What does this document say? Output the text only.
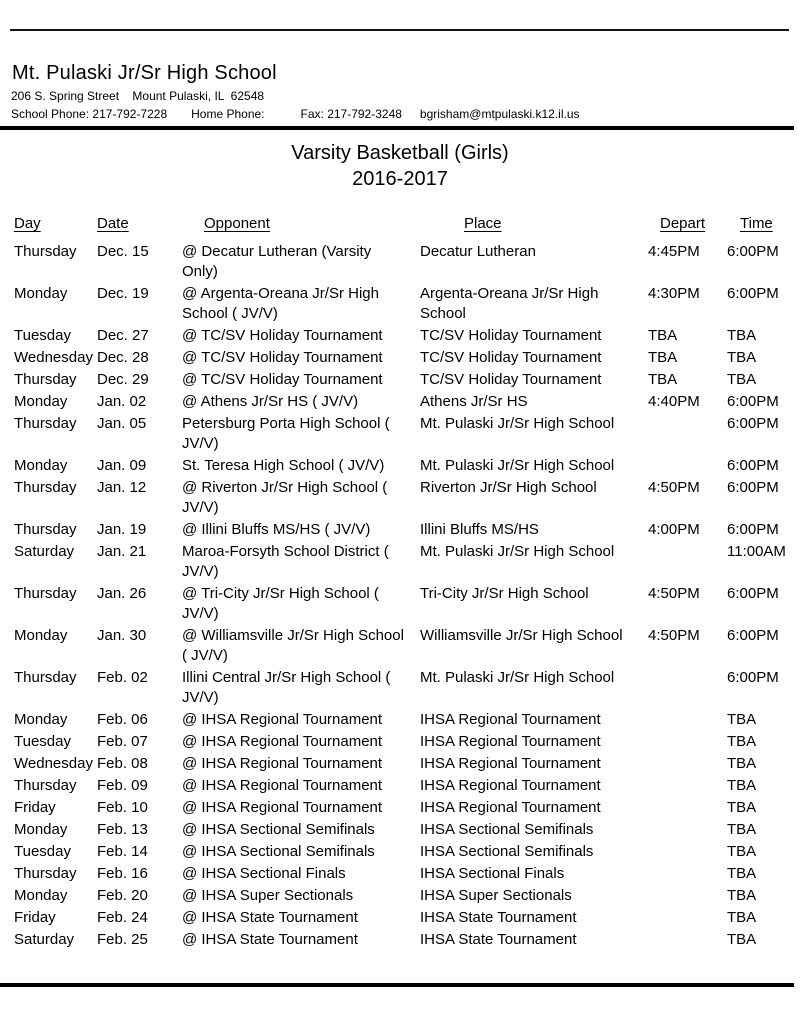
Mt. Pulaski Jr/Sr High School
206 S. Spring Street    Mount Pulaski, IL  62548
School Phone: 217-792-7228 Home Phone:	Fax: 217-792-3248 bgrisham@mtpulaski.k12.il.us
Varsity Basketball (Girls)
2016-2017
Day	Date	Opponent	Place	Depart	Time
Thursday	Dec. 15	@ Decatur Lutheran (Varsity Only)	Decatur Lutheran	4:45PM	6:00PM
Monday	Dec. 19	@ Argenta-Oreana Jr/Sr High School ( JV/V)	Argenta-Oreana Jr/Sr High School	4:30PM	6:00PM
Tuesday	Dec. 27	@ TC/SV Holiday Tournament	TC/SV Holiday Tournament	TBA	TBA
Wednesday	Dec. 28	@ TC/SV Holiday Tournament	TC/SV Holiday Tournament	TBA	TBA
Thursday	Dec. 29	@ TC/SV Holiday Tournament	TC/SV Holiday Tournament	TBA	TBA
Monday	Jan. 02	@ Athens Jr/Sr HS ( JV/V)	Athens Jr/Sr HS	4:40PM	6:00PM
Thursday	Jan. 05	Petersburg Porta High School ( JV/V)	Mt. Pulaski Jr/Sr High School		6:00PM
Monday	Jan. 09	St. Teresa High School ( JV/V)	Mt. Pulaski Jr/Sr High School		6:00PM
Thursday	Jan. 12	@ Riverton Jr/Sr High School ( JV/V)	Riverton Jr/Sr High School	4:50PM	6:00PM
Thursday	Jan. 19	@ Illini Bluffs MS/HS ( JV/V)	Illini Bluffs MS/HS	4:00PM	6:00PM
Saturday	Jan. 21	Maroa-Forsyth School District ( JV/V)	Mt. Pulaski Jr/Sr High School		11:00AM
Thursday	Jan. 26	@ Tri-City Jr/Sr High School ( JV/V)	Tri-City Jr/Sr High School	4:50PM	6:00PM
Monday	Jan. 30	@ Williamsville Jr/Sr High School ( JV/V)	Williamsville Jr/Sr High School	4:50PM	6:00PM
Thursday	Feb. 02	Illini Central Jr/Sr High School ( JV/V)	Mt. Pulaski Jr/Sr High School		6:00PM
Monday	Feb. 06	@ IHSA Regional Tournament	IHSA Regional Tournament		TBA
Tuesday	Feb. 07	@ IHSA Regional Tournament	IHSA Regional Tournament		TBA
Wednesday	Feb. 08	@ IHSA Regional Tournament	IHSA Regional Tournament		TBA
Thursday	Feb. 09	@ IHSA Regional Tournament	IHSA Regional Tournament		TBA
Friday	Feb. 10	@ IHSA Regional Tournament	IHSA Regional Tournament		TBA
Monday	Feb. 13	@ IHSA Sectional Semifinals	IHSA Sectional Semifinals		TBA
Tuesday	Feb. 14	@ IHSA Sectional Semifinals	IHSA Sectional Semifinals		TBA
Thursday	Feb. 16	@ IHSA Sectional Finals	IHSA Sectional Finals		TBA
Monday	Feb. 20	@ IHSA Super Sectionals	IHSA Super Sectionals		TBA
Friday	Feb. 24	@ IHSA State Tournament	IHSA State Tournament		TBA
Saturday	Feb. 25	@ IHSA State Tournament	IHSA State Tournament		TBA
